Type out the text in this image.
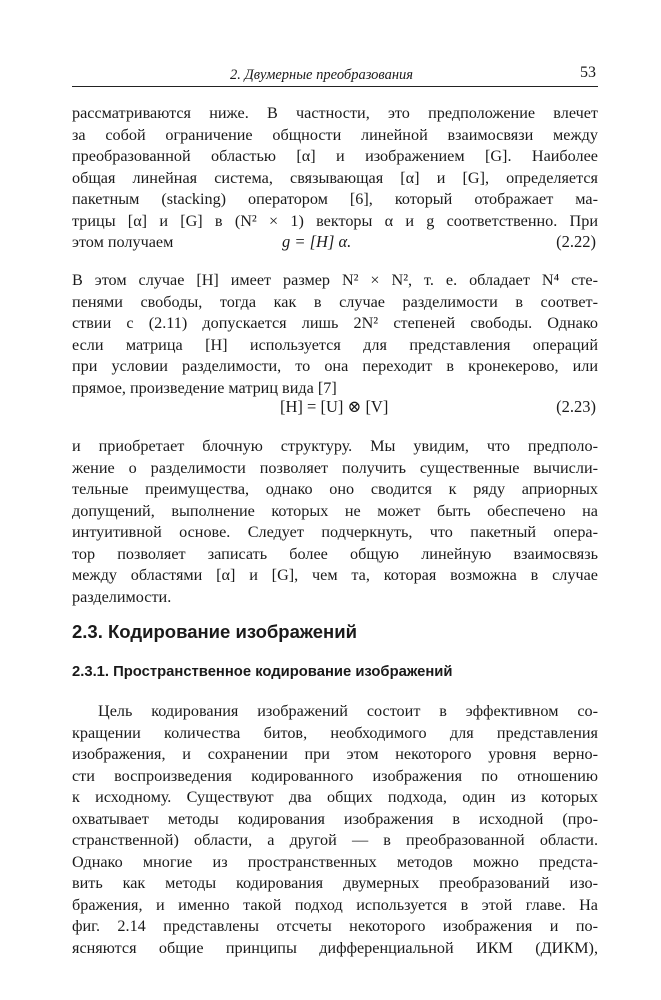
2. Двумерные преобразования	53
рассматриваются ниже. В частности, это предположение влечет
за собой ограничение общности линейной взаимосвязи между
преобразованной областью [α] и изображением [G]. Наиболее
общая линейная система, связывающая [α] и [G], определяется
пакетным (stacking) оператором [6], который отображает ма-
трицы [α] и [G] в (N² × 1) векторы α и g соответственно. При
этом получаем	g = [H] α.	(2.22)
В этом случае [H] имеет размер N² × N², т. е. обладает N⁴ сте-
пенями свободы, тогда как в случае разделимости в соответ-
ствии с (2.11) допускается лишь 2N² степеней свободы. Однако
если матрица [H] используется для представления операций
при условии разделимости, то она переходит в кронекерово, или
прямое, произведение матриц вида [7]
[H] = [U] ⊗ [V]	(2.23)
и приобретает блочную структуру. Мы увидим, что предполо-
жение о разделимости позволяет получить существенные вычисли-
тельные преимущества, однако оно сводится к ряду априорных
допущений, выполнение которых не может быть обеспечено на
интуитивной основе. Следует подчеркнуть, что пакетный опера-
тор позволяет записать более общую линейную взаимосвязь
между областями [α] и [G], чем та, которая возможна в случае
разделимости.
2.3. Кодирование изображений
2.3.1. Пространственное кодирование изображений
Цель кодирования изображений состоит в эффективном со-
кращении количества битов, необходимого для представления
изображения, и сохранении при этом некоторого уровня верно-
сти воспроизведения кодированного изображения по отношению
к исходному. Существуют два общих подхода, один из которых
охватывает методы кодирования изображения в исходной (про-
странственной) области, а другой — в преобразованной области.
Однако многие из пространственных методов можно предста-
вить как методы кодирования двумерных преобразований изо-
бражения, и именно такой подход используется в этой главе. На
фиг. 2.14 представлены отсчеты некоторого изображения и по-
ясняются общие принципы дифференциальной ИКМ (ДИКМ),
